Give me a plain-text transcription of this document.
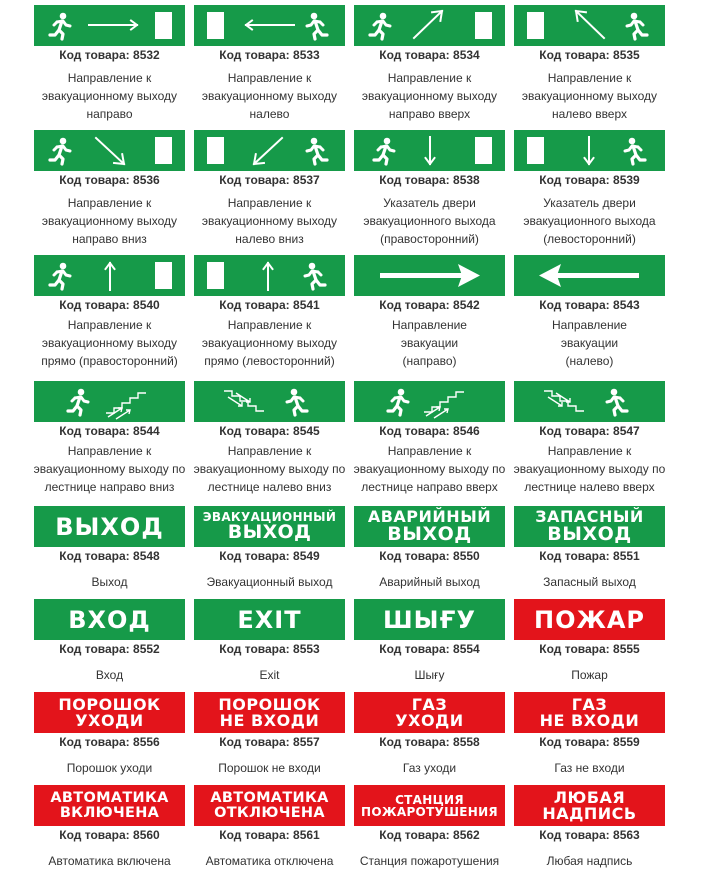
Код товара: 8532
Направление к
эвакуационному выходу
направо
Код товара: 8533
Направление к
эвакуационному выходу
налево
Код товара: 8534
Направление к
эвакуационному выходу
направо вверх
Код товара: 8535
Направление к
эвакуационному выходу
налево вверх
Код товара: 8536
Направление к
эвакуационному выходу
направо вниз
Код товара: 8537
Направление к
эвакуационному выходу
налево вниз
Код товара: 8538
Указатель двери
эвакуационного выхода
(правосторонний)
Код товара: 8539
Указатель двери
эвакуационного выхода
(левосторонний)
Код товара: 8540
Направление к
эвакуационному выходу
прямо (правосторонний)
Код товара: 8541
Направление к
эвакуационному выходу
прямо (левосторонний)
Код товара: 8542
Направление
эвакуации
(направо)
Код товара: 8543
Направление
эвакуации
(налево)
Код товара: 8544
Направление к
эвакуационному выходу по
лестнице направо вниз
Код товара: 8545
Направление к
эвакуационному выходу по
лестнице налево вниз
Код товара: 8546
Направление к
эвакуационному выходу по
лестнице направо вверх
Код товара: 8547
Направление к
эвакуационному выходу по
лестнице налево вверх
ВЫХОД
Код товара: 8548
Выход
ЭВАКУАЦИОННЫЙ
ВЫХОД
Код товара: 8549
Эвакуационный выход
АВАРИЙНЫЙ
ВЫХОД
Код товара: 8550
Аварийный выход
ЗАПАСНЫЙ
ВЫХОД
Код товара: 8551
Запасный выход
ВХОД
Код товара: 8552
Вход
EXIT
Код товара: 8553
Exit
ШЫҒУ
Код товара: 8554
Шығу
ПОЖАР
Код товара: 8555
Пожар
ПОРОШОК
УХОДИ
Код товара: 8556
Порошок уходи
ПОРОШОК
НЕ ВХОДИ
Код товара: 8557
Порошок не входи
ГАЗ
УХОДИ
Код товара: 8558
Газ уходи
ГАЗ
НЕ ВХОДИ
Код товара: 8559
Газ не входи
АВТОМАТИКА
ВКЛЮЧЕНА
Код товара: 8560
Автоматика включена
АВТОМАТИКА
ОТКЛЮЧЕНА
Код товара: 8561
Автоматика отключена
СТАНЦИЯ
ПОЖАРОТУШЕНИЯ
Код товара: 8562
Станция пожаротушения
ЛЮБАЯ
НАДПИСЬ
Код товара: 8563
Любая надпись
